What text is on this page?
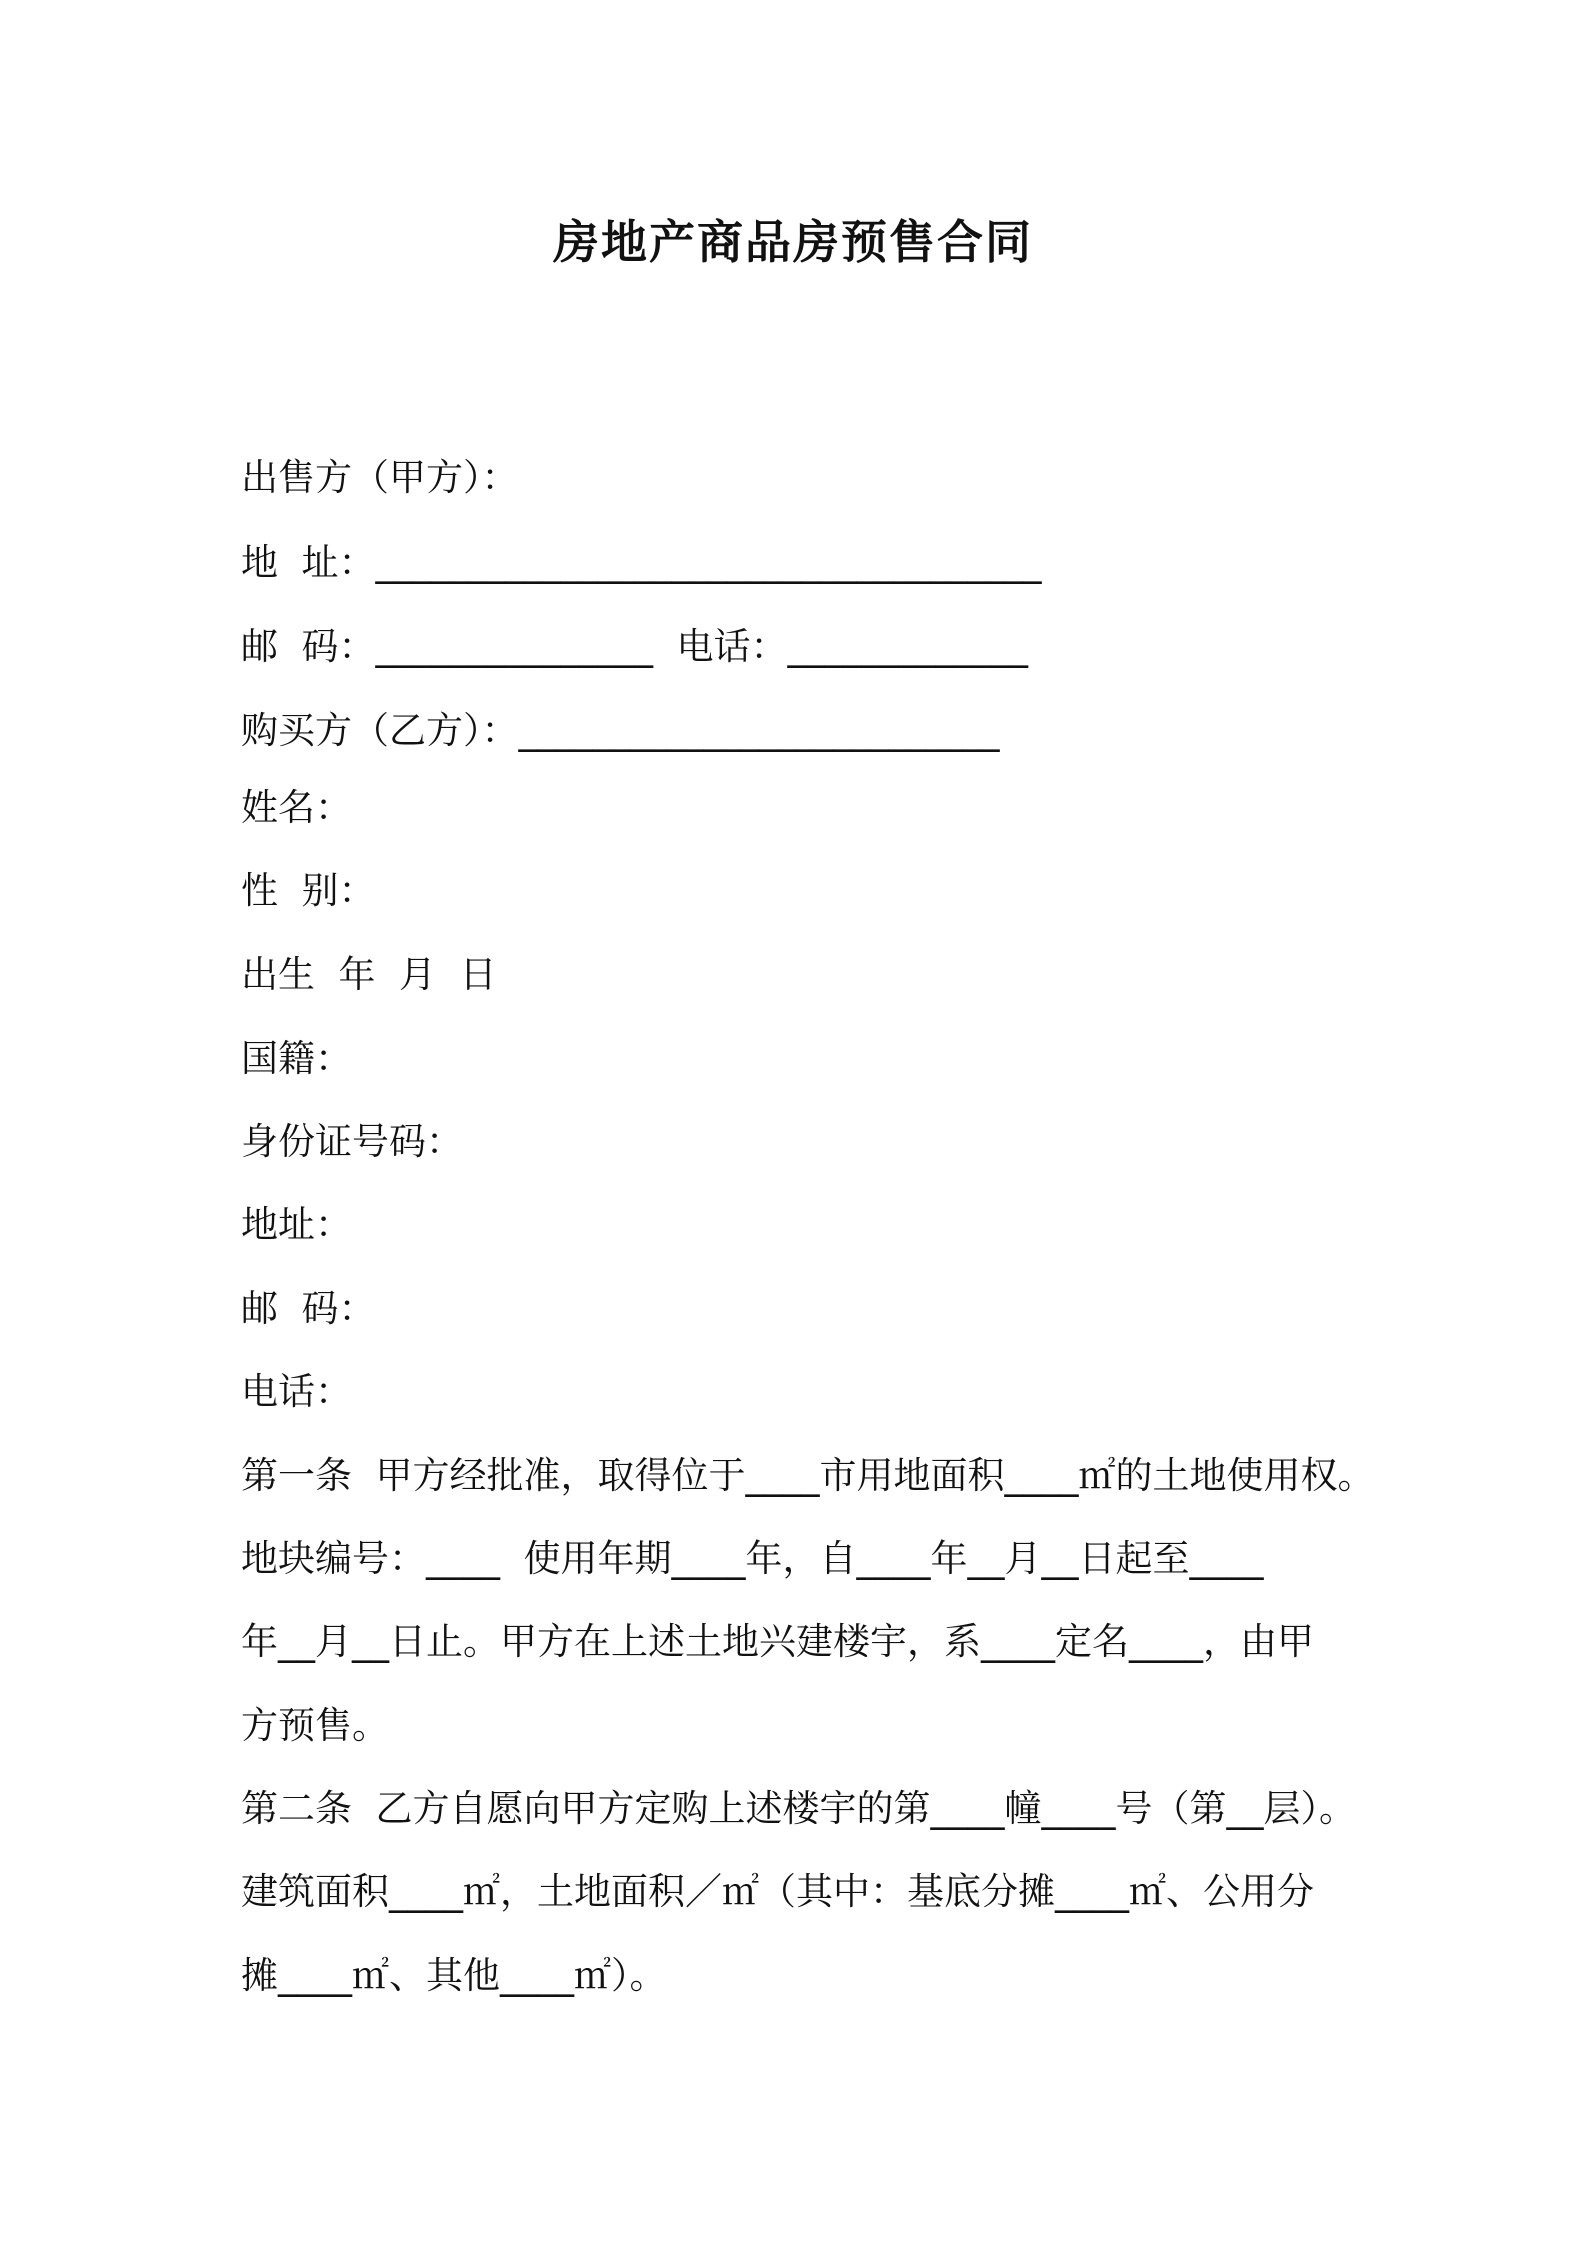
房地产商品房预售合同
出售方（甲方）：
地  址：____________________________________
邮  码：_______________  电话：_____________
购买方（乙方）：__________________________
姓名：
性  别：
出生  年  月  日
国籍：
身份证号码：
地址：
邮  码：
电话：
第一条  甲方经批准，取得位于____市用地面积____㎡的土地使用权。
地块编号：____  使用年期____年，自____年__月__日起至____
年__月__日止。甲方在上述土地兴建楼宇，系____定名____，由甲
方预售。
第二条  乙方自愿向甲方定购上述楼宇的第____幢____号（第__层）。
建筑面积____㎡，土地面积／㎡（其中：基底分摊____㎡、公用分
摊____㎡、其他____㎡）。
